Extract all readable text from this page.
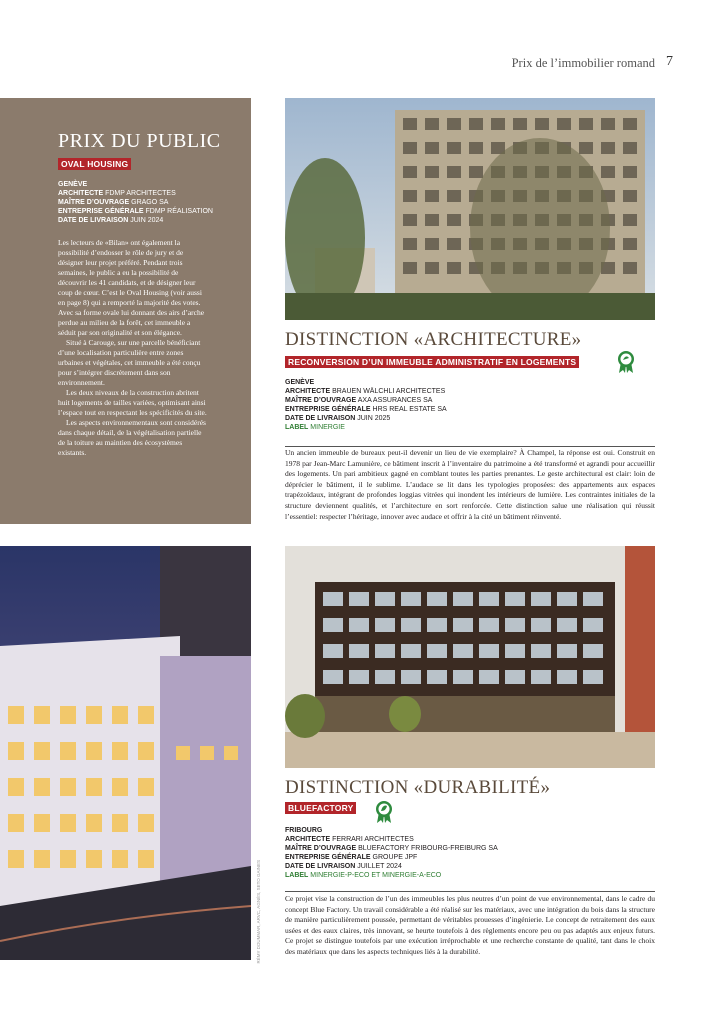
Prix de l’immobilier romand 7
PRIX DU PUBLIC
OVAL HOUSING
GENÈVE
ARCHITECTE FDMP ARCHITECTES
MAÎTRE D’OUVRAGE GRAGO SA
ENTREPRISE GÉNÉRALE FDMP RÉALISATION
DATE DE LIVRAISON JUIN 2024

Les lecteurs de «Bilan» ont également la possibilité d’endosser le rôle de jury et de désigner leur projet préféré. Pendant trois semaines, le public a eu la possibilité de découvrir les 41 candidats, et de désigner leur coup de cœur. C’est le Oval Housing (voir aussi en page 8) qui a remporté la majorité des votes. Avec sa forme ovale lui donnant des airs d’arche perdue au milieu de la forêt, cet immeuble a séduit par son originalité et son élégance.

Situé à Carouge, sur une parcelle bénéficiant d’une localisation particulière entre zones urbaines et végétales, cet immeuble a été conçu pour s’intégrer discrètement dans son environnement.

Les deux niveaux de la construction abritent huit logements de tailles variées, optimisant ainsi l’espace tout en respectant les spécificités du site.

Les aspects environnementaux sont considérés dans chaque détail, de la végétalisation partielle de la toiture au maintien des écosystèmes existants.

RÉMY DOUMMAR, ARVC, AGNÈS, SETO GAINES
DISTINCTION «ARCHITECTURE»
RECONVERSION D’UN IMMEUBLE ADMINISTRATIF EN LOGEMENTS
GENÈVE
ARCHITECTE BRAUEN WÄLCHLI ARCHITECTES
MAÎTRE D’OUVRAGE AXA ASSURANCES SA
ENTREPRISE GÉNÉRALE HRS REAL ESTATE SA
DATE DE LIVRAISON JUIN 2025
LABEL MINERGIE
Un ancien immeuble de bureaux peut-il devenir un lieu de vie exemplaire? À Champel, la réponse est oui. Construit en 1978 par Jean-Marc Lamunière, ce bâtiment inscrit à l’inventaire du patrimoine a été transformé et agrandi pour accueillir des logements. Un pari ambitieux gagné en comblant toutes les parties prenantes. Le geste architectural est clair: loin de déprécier le bâtiment, il le sublime. L’audace se lit dans les typologies proposées: des appartements aux espaces trapézoïdaux, intégrant de profondes loggias vitrées qui inondent les intérieurs de lumière. Les contraintes initiales de la structure deviennent qualités, et l’architecture en sort renforcée. Cette distinction salue une réalisation qui réussit l’essentiel: respecter l’héritage, innover avec audace et offrir à la cité un bâtiment réinventé.
DISTINCTION «DURABILITÉ»
BLUEFACTORY
FRIBOURG
ARCHITECTE FERRARI ARCHITECTES
MAÎTRE D’OUVRAGE BLUEFACTORY FRIBOURG-FREIBURG SA
ENTREPRISE GÉNÉRALE GROUPE JPF
DATE DE LIVRAISON JUILLET 2024
LABEL MINERGIE-P-ECO ET MINERGIE-A-ECO
Ce projet vise la construction de l’un des immeubles les plus neutres d’un point de vue environnemental, dans le cadre du concept Blue Factory. Un travail considérable a été réalisé sur les matériaux, avec une intégration du bois dans la structure de manière particulièrement poussée, permettant de véritables prouesses d’ingénierie. Le concept de retraitement des eaux usées et des eaux claires, très innovant, se heurte toutefois à des règlements encore peu ou pas adaptés aux enjeux futurs. Ce projet se distingue toutefois par une exécution irréprochable et une recherche constante de qualité, tant dans le choix des matériaux que dans les aspects techniques liés à la durabilité.
